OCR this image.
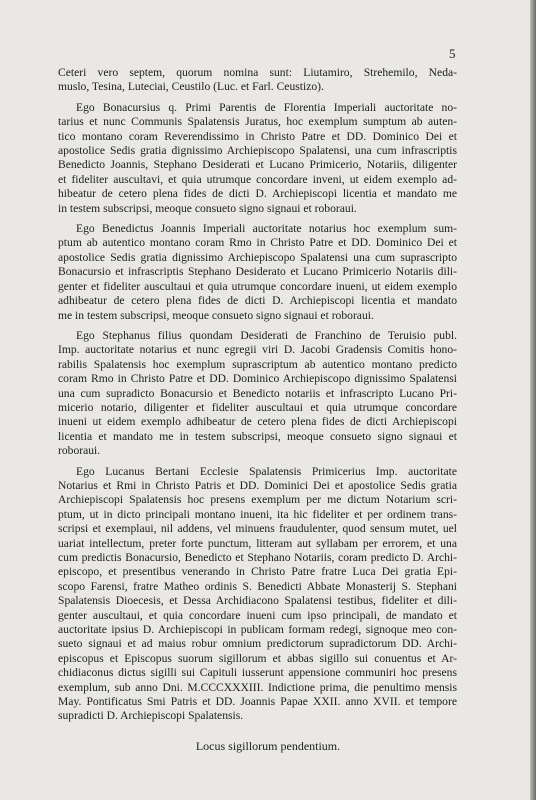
5
Ceteri vero septem, quorum nomina sunt: Liutamiro, Strehemilo, Neda-
muslo, Tesina, Luteciai, Ceustilo (Luc. et Farl. Ceustizo).
Ego Bonacursius q. Primi Parentis de Florentia Imperiali auctoritate no-
tarius et nunc Communis Spalatensis Juratus, hoc exemplum sumptum ab auten-
tico montano coram Reverendissimo in Christo Patre et DD. Dominico Dei et
apostolice Sedis gratia dignissimo Archiepiscopo Spalatensi, una cum infrascriptis
Benedicto Joannis, Stephano Desiderati et Lucano Primicerio, Notariis, diligenter
et fideliter auscultavi, et quia utrumque concordare inveni, ut eidem exemplo ad-
hibeatur de cetero plena fides de dicti D. Archiepiscopi licentia et mandato me
in testem subscripsi, meoque consueto signo signaui et roboraui.
Ego Benedictus Joannis Imperiali auctoritate notarius hoc exemplum sum-
ptum ab autentico montano coram Rmo in Christo Patre et DD. Dominico Dei et
apostolice Sedis gratia dignissimo Archiepiscopo Spalatensi una cum suprascripto
Bonacursio et infrascriptis Stephano Desiderato et Lucano Primicerio Notariis dili-
genter et fideliter auscultaui et quia utrumque concordare inueni, ut eidem exemplo
adhibeatur de cetero plena fides de dicti D. Archiepiscopi licentia et mandato
me in testem subscripsi, meoque consueto signo signaui et roboraui.
Ego Stephanus filius quondam Desiderati de Franchino de Teruisio publ.
Imp. auctoritate notarius et nunc egregii viri D. Jacobi Gradensis Comitis hono-
rabilis Spalatensis hoc exemplum suprascriptum ab autentico montano predicto
coram Rmo in Christo Patre et DD. Dominico Archiepiscopo dignissimo Spalatensi
una cum supradicto Bonacursio et Benedicto notariis et infrascripto Lucano Pri-
micerio notario, diligenter et fideliter auscultaui et quia utrumque concordare
inueni ut eidem exemplo adhibeatur de cetero plena fides de dicti Archiepiscopi
licentia et mandato me in testem subscripsi, meoque consueto signo signaui et
roboraui.
Ego Lucanus Bertani Ecclesie Spalatensis Primicerius Imp. auctoritate
Notarius et Rmi in Christo Patris et DD. Dominici Dei et apostolice Sedis gratia
Archiepiscopi Spalatensis hoc presens exemplum per me dictum Notarium scri-
ptum, ut in dicto principali montano inueni, ita hic fideliter et per ordinem trans-
scripsi et exemplaui, nil addens, vel minuens fraudulenter, quod sensum mutet, uel
uariat intellectum, preter forte punctum, litteram aut syllabam per errorem, et una
cum predictis Bonacursio, Benedicto et Stephano Notariis, coram predicto D. Archi-
episcopo, et presentibus venerando in Christo Patre fratre Luca Dei gratia Epi-
scopo Farensi, fratre Matheo ordinis S. Benedicti Abbate Monasterij S. Stephani
Spalatensis Dioecesis, et Dessa Archidiacono Spalatensi testibus, fideliter et dili-
genter auscultaui, et quia concordare inueni cum ipso principali, de mandato et
auctoritate ipsius D. Archiepiscopi in publicam formam redegi, signoque meo con-
sueto signaui et ad maius robur omnium predictorum supradictorum DD. Archi-
episcopus et Episcopus suorum sigillorum et abbas sigillo sui conuentus et Ar-
chidiaconus dictus sigilli sui Capituli iusserunt appensione communiri hoc presens
exemplum, sub anno Dni. M.CCCXXXIII. Indictione prima, die penultimo mensis
May. Pontificatus Smi Patris et DD. Joannis Papae XXII. anno XVII. et tempore
supradicti D. Archiepiscopi Spalatensis.
Locus sigillorum pendentium.
